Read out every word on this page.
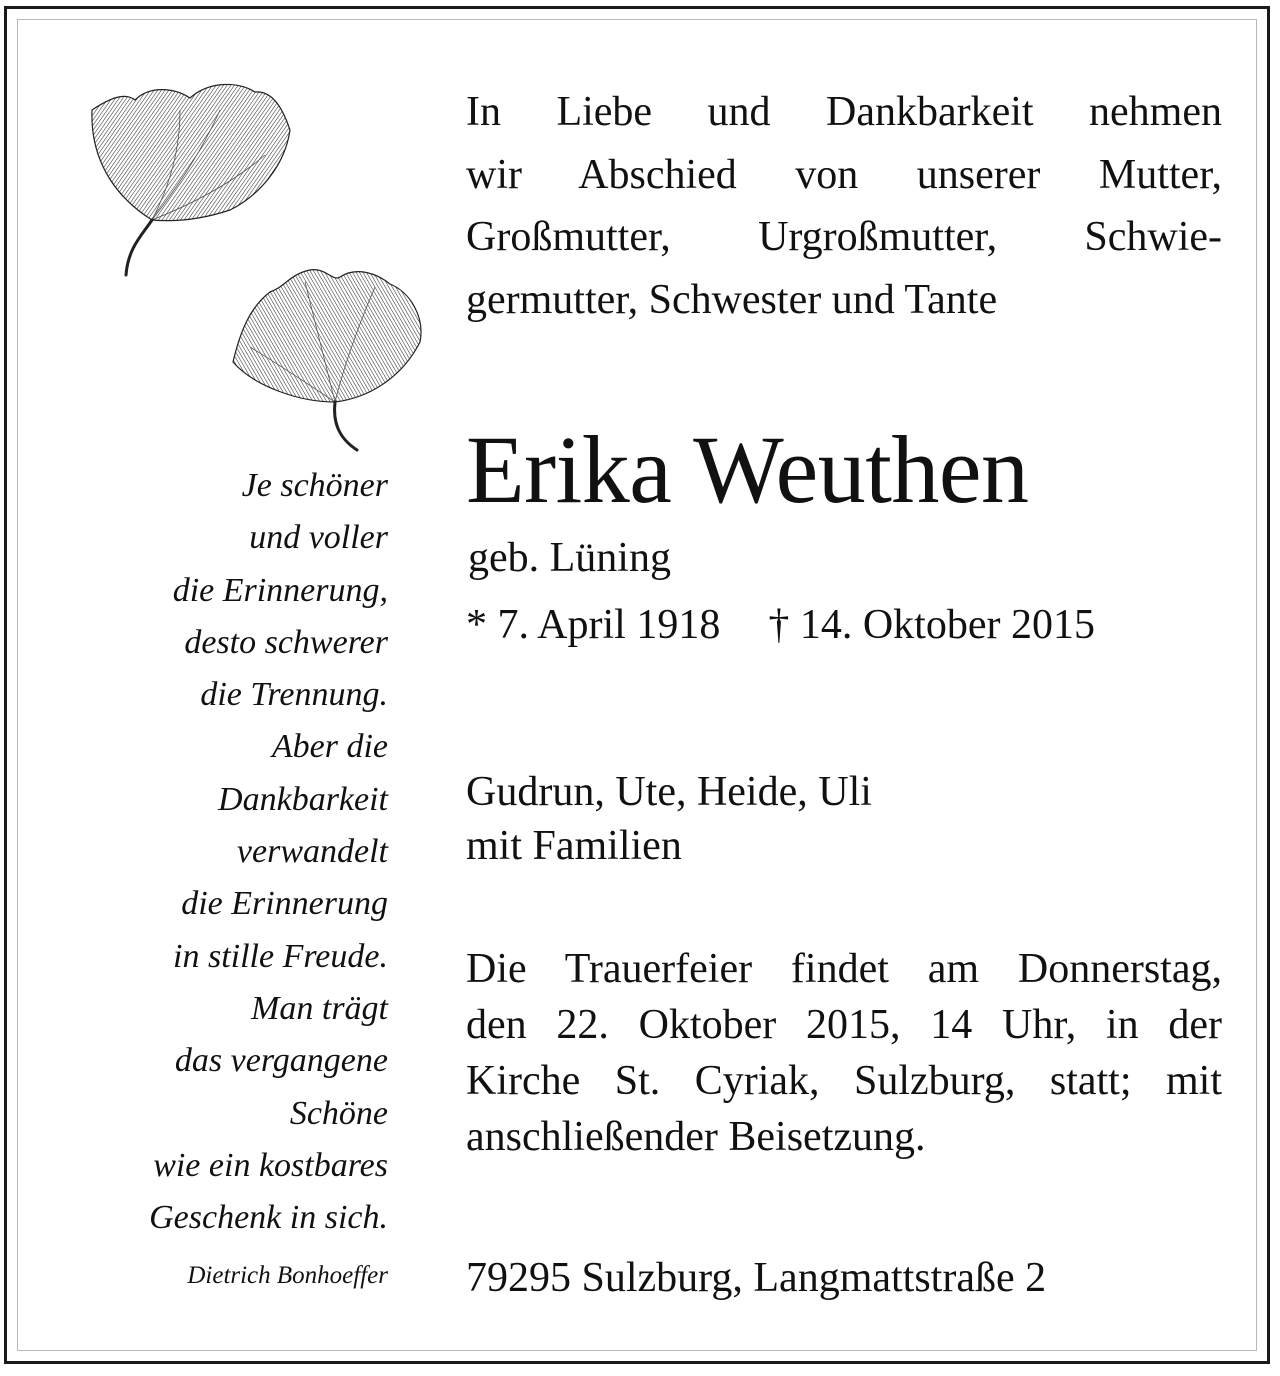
Je schöner
und voller
die Erinnerung,
desto schwerer
die Trennung.
Aber die
Dankbarkeit
verwandelt
die Erinnerung
in stille Freude.
Man trägt
das vergangene
Schöne
wie ein kostbares
Geschenk in sich.
Dietrich Bonhoeffer
In Liebe und Dankbarkeit nehmen
wir Abschied von unserer Mutter,
Großmutter, Urgroßmutter, Schwie-
germutter, Schwester und Tante
Erika Weuthen
geb. Lüning
* 7. April 1918 † 14. Oktober 2015
Gudrun, Ute, Heide, Uli
mit Familien
Die Trauerfeier findet am Donnerstag,
den 22. Oktober 2015, 14 Uhr, in der
Kirche St. Cyriak, Sulzburg, statt; mit
anschließender Beisetzung.
79295 Sulzburg, Langmattstraße 2
